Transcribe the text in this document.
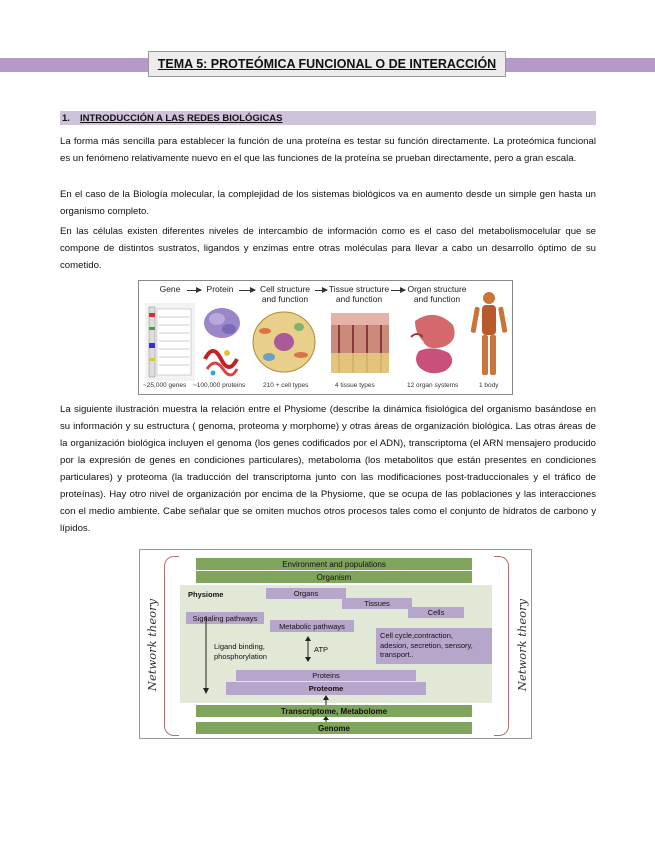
TEMA 5: PROTEÓMICA FUNCIONAL O DE INTERACCIÓN
1.	INTRODUCCIÓN A LAS REDES BIOLÓGICAS

La forma más sencilla para establecer la función de una proteína es testar su función directamente. La proteómica funcional es un fenómeno relativamente nuevo en el que las funciones de la proteína se prueban directamente, pero a gran escala.

En el caso de la Biología molecular, la complejidad de los sistemas biológicos va en aumento desde un simple gen hasta un organismo completo.

En las células existen diferentes niveles de intercambio de información como es el caso del metabolismocelular que se compone de distintos sustratos, ligandos y enzimas entre otras moléculas para llevar a cabo un desarrollo óptimo de su cometido.

Gene	Protein	Cell structure
and function
Tissue structure
and function
Organ structure
and function
~25,000 genes ~100,000 proteins	210 + cell types	4 tissue types	12 organ systems	1 body

La siguiente ilustración muestra la relación entre el Physiome (describe la dinámica fisiológica del organismo basándose en su información y su estructura ( genoma, proteoma y morphome) y otras áreas de organización biológica. Las otras áreas de la organización biológica incluyen el genoma (los genes codificados por el ADN), transcriptoma (el ARN mensajero producido por la expresión de genes en condiciones particulares), metaboloma (los metabolitos que están presentes en condiciones particulares) y proteoma (la traducción del transcriptoma junto con las modificaciones post-traduccionales y el tráfico de proteínas). Hay otro nivel de organización por encima de la Physiome, que se ocupa de las poblaciones y las interacciones con el medio ambiente. Cabe señalar que se omiten muchos otros procesos tales como el conjunto de hidratos de carbono y lípidos.

Network theory	Network theory
Environment and populations
Organism
Physiome	Organs
Tissues
Cells
Signaling pathways
Metabolic pathways
Ligand binding,
phosphorylation
ATP
Cell cycle,contraction,
adesion, secretion, sensory,
transport..
Proteins
Proteome
Transcriptome, Metabolome
Genome
